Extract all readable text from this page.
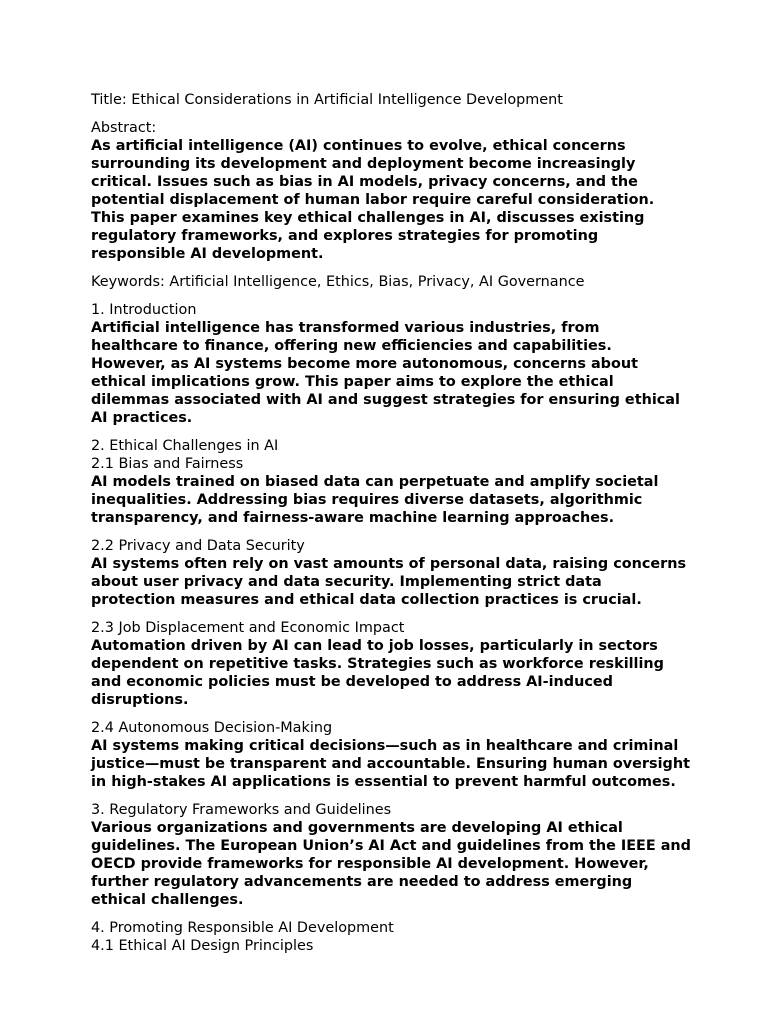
Title: Ethical Considerations in Artificial Intelligence Development
Abstract:
As artificial intelligence (AI) continues to evolve, ethical concerns surrounding its development and deployment become increasingly critical. Issues such as bias in AI models, privacy concerns, and the potential displacement of human labor require careful consideration. This paper examines key ethical challenges in AI, discusses existing regulatory frameworks, and explores strategies for promoting responsible AI development.
Keywords: Artificial Intelligence, Ethics, Bias, Privacy, AI Governance
1. Introduction
Artificial intelligence has transformed various industries, from healthcare to finance, offering new efficiencies and capabilities. However, as AI systems become more autonomous, concerns about ethical implications grow. This paper aims to explore the ethical dilemmas associated with AI and suggest strategies for ensuring ethical AI practices.
2. Ethical Challenges in AI
2.1 Bias and Fairness
AI models trained on biased data can perpetuate and amplify societal inequalities. Addressing bias requires diverse datasets, algorithmic transparency, and fairness-aware machine learning approaches.
2.2 Privacy and Data Security
AI systems often rely on vast amounts of personal data, raising concerns about user privacy and data security. Implementing strict data protection measures and ethical data collection practices is crucial.
2.3 Job Displacement and Economic Impact
Automation driven by AI can lead to job losses, particularly in sectors dependent on repetitive tasks. Strategies such as workforce reskilling and economic policies must be developed to address AI-induced disruptions.
2.4 Autonomous Decision-Making
AI systems making critical decisions—such as in healthcare and criminal justice—must be transparent and accountable. Ensuring human oversight in high-stakes AI applications is essential to prevent harmful outcomes.
3. Regulatory Frameworks and Guidelines
Various organizations and governments are developing AI ethical guidelines. The European Union’s AI Act and guidelines from the IEEE and OECD provide frameworks for responsible AI development. However, further regulatory advancements are needed to address emerging ethical challenges.
4. Promoting Responsible AI Development
4.1 Ethical AI Design Principles
